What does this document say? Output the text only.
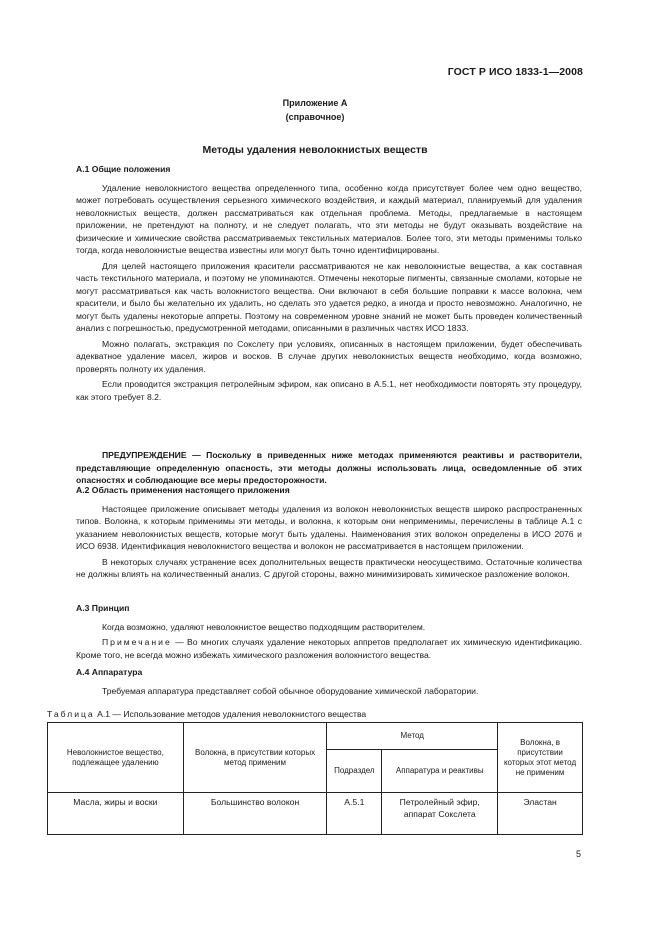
ГОСТ Р ИСО 1833-1—2008
Приложение А
(справочное)
Методы удаления неволокнистых веществ
А.1 Общие положения

Удаление неволокнистого вещества определенного типа, особенно когда присутствует более чем одно вещество, может потребовать осуществления серьезного химического воздействия, и каждый материал, планируемый для удаления неволокнистых веществ, должен рассматриваться как отдельная проблема. Методы, предлагаемые в настоящем приложении, не претендуют на полноту, и не следует полагать, что эти методы не будут оказывать воздействие на физические и химические свойства рассматриваемых текстильных материалов. Более того, эти методы применимы только тогда, когда неволокнистые вещества известны или могут быть точно идентифицированы.

Для целей настоящего приложения красители рассматриваются не как неволокнистые вещества, а как составная часть текстильного материала, и поэтому не упоминаются. Отмечены некоторые пигменты, связанные смолами, которые не могут рассматриваться как часть волокнистого вещества. Они включают в себя большие поправки к массе волокна, чем красители, и было бы желательно их удалить, но сделать это удается редко, а иногда и просто невозможно. Аналогично, не могут быть удалены некоторые аппреты. Поэтому на современном уровне знаний не может быть проведен количественный анализ с погрешностью, предусмотренной методами, описанными в различных частях ИСО 1833.

Можно полагать, экстракция по Сокслету при условиях, описанных в настоящем приложении, будет обеспечивать адекватное удаление масел, жиров и восков. В случае других неволокнистых веществ необходимо, когда возможно, проверять полноту их удаления.

Если проводится экстракция петролейным эфиром, как описано в А.5.1, нет необходимости повторять эту процедуру, как этого требует 8.2.

ПРЕДУПРЕЖДЕНИЕ — Поскольку в приведенных ниже методах применяются реактивы и растворители, представляющие определенную опасность, эти методы должны использовать лица, осведомленные об этих опасностях и соблюдающие все меры предосторожности.
А.2 Область применения настоящего приложения

Настоящее приложение описывает методы удаления из волокон неволокнистых веществ широко распространенных типов. Волокна, к которым применимы эти методы, и волокна, к которым они неприменимы, перечислены в таблице А.1 с указанием неволокнистых веществ, которые могут быть удалены. Наименования этих волокон определены в ИСО 2076 и ИСО 6938. Идентификация неволокнистого вещества и волокон не рассматривается в настоящем приложении.

В некоторых случаях устранение всех дополнительных веществ практически неосуществимо. Остаточные количества не должны влиять на количественный анализ. С другой стороны, важно минимизировать химическое разложение волокон.

А.3 Принцип

Когда возможно, удаляют неволокнистое вещество подходящим растворителем.

Примечание — Во многих случаях удаление некоторых аппретов предполагает их химическую идентификацию. Кроме того, не всегда можно избежать химического разложения волокнистого вещества.

А.4 Аппаратура

Требуемая аппаратура представляет собой обычное оборудование химической лаборатории.

Таблица А.1 — Использование методов удаления неволокнистого вещества
Неволокнистое вещество, подлежащее удалению	Волокна, в присутствии которых метод применим	Метод		Волокна, в присутствии которых этот метод не применим
		Подраздел	Аппаратура и реактивы	
Масла, жиры и воски	Большинство волокон	А.5.1	Петролейный эфир, аппарат Сокслета	Эластан
5
